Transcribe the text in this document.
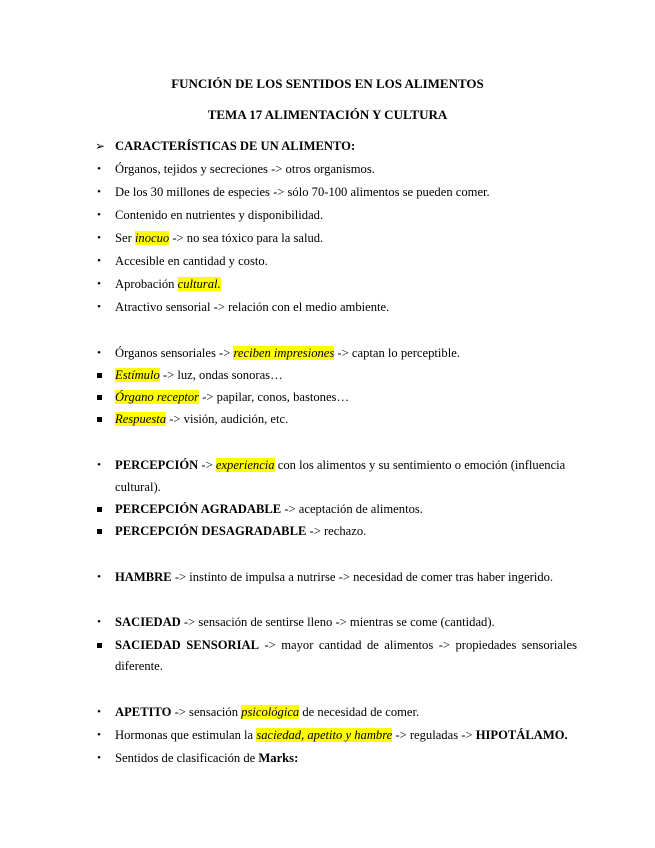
FUNCIÓN DE LOS SENTIDOS EN LOS ALIMENTOS
TEMA 17 ALIMENTACIÓN Y CULTURA
➢ CARACTERÍSTICAS DE UN ALIMENTO:
•	Órganos, tejidos y secreciones -> otros organismos.
•	De los 30 millones de especies -> sólo 70-100 alimentos se pueden comer.
•	Contenido en nutrientes y disponibilidad.
•	Ser inocuo -> no sea tóxico para la salud.
•	Accesible en cantidad y costo.
•	Aprobación cultural.
•	Atractivo sensorial -> relación con el medio ambiente.
•	Órganos sensoriales -> reciben impresiones -> captan lo perceptible.
Estímulo -> luz, ondas sonoras…
Órgano receptor -> papilar, conos, bastones…
Respuesta -> visión, audición, etc.
•	PERCEPCIÓN -> experiencia con los alimentos y su sentimiento o emoción (influencia
cultural).
PERCEPCIÓN AGRADABLE -> aceptación de alimentos.
PERCEPCIÓN DESAGRADABLE -> rechazo.
•	HAMBRE -> instinto de impulsa a nutrirse -> necesidad de comer tras haber ingerido.
•	SACIEDAD -> sensación de sentirse lleno -> mientras se come (cantidad).
SACIEDAD SENSORIAL -> mayor cantidad de alimentos -> propiedades sensoriales
diferente.
•	APETITO -> sensación psicológica de necesidad de comer.
•	Hormonas que estimulan la saciedad, apetito y hambre -> reguladas -> HIPOTÁLAMO.
•	Sentidos de clasificación de Marks:
